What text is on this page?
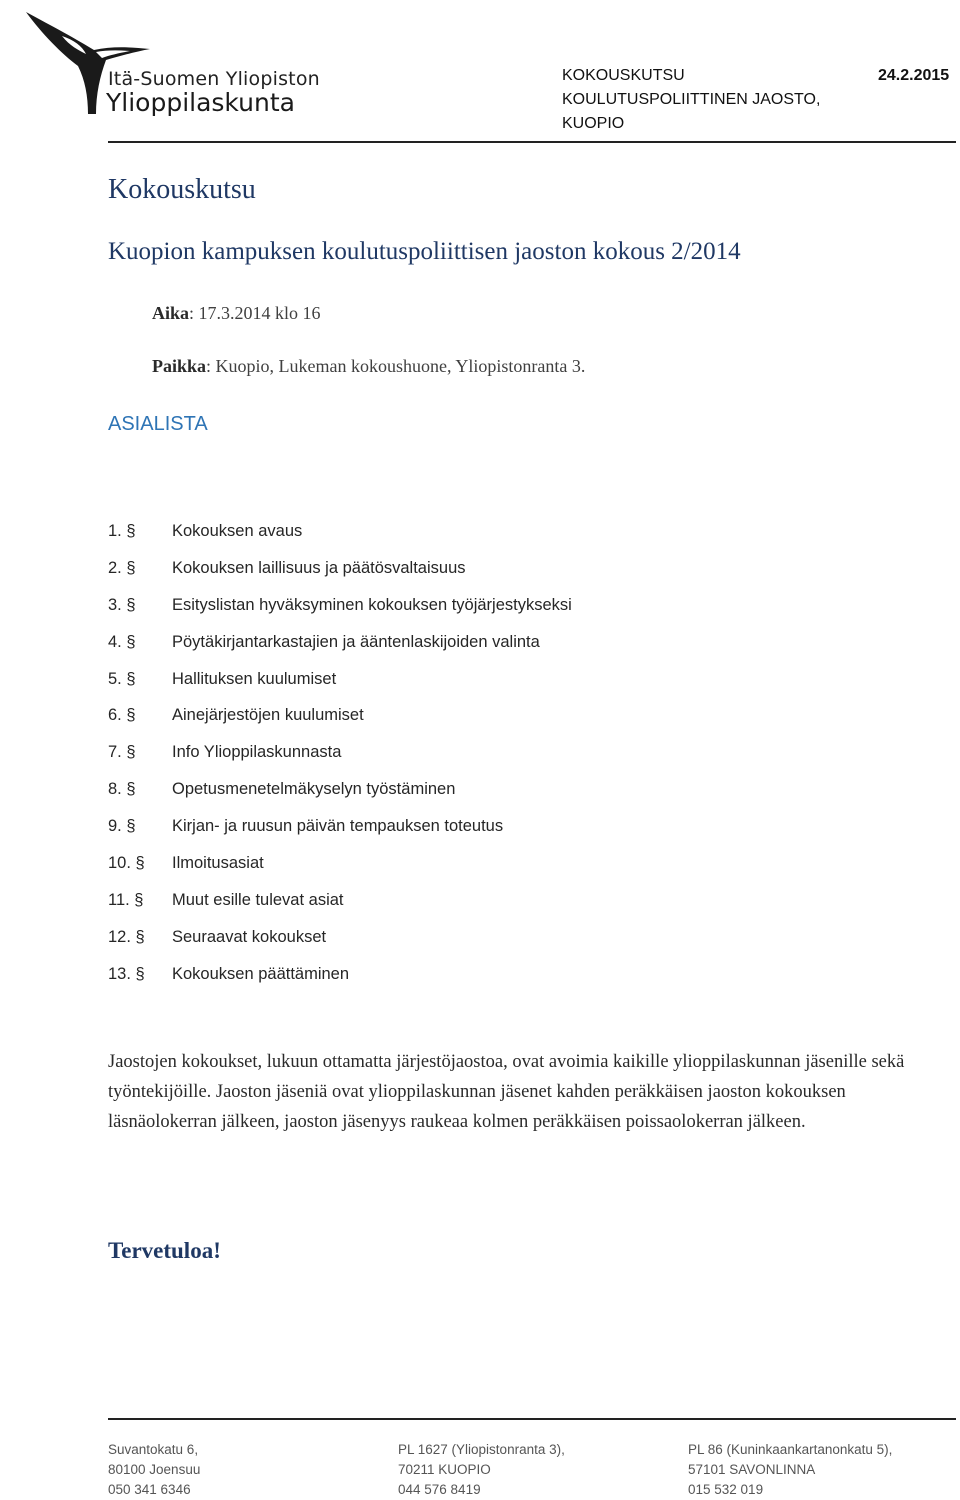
Itä-Suomen Yliopiston
Ylioppilaskunta
KOKOUSKUTSU
KOULUTUSPOLIITTINEN JAOSTO,
KUOPIO
24.2.2015
Kokouskutsu
Kuopion kampuksen koulutuspoliittisen jaoston kokous 2/2014
Aika: 17.3.2014 klo 16
Paikka: Kuopio, Lukeman kokoushuone, Yliopistonranta 3.
ASIALISTA
1. § Kokouksen avaus
2. § Kokouksen laillisuus ja päätösvaltaisuus
3. § Esityslistan hyväksyminen kokouksen työjärjestykseksi
4. § Pöytäkirjantarkastajien ja ääntenlaskijoiden valinta
5. § Hallituksen kuulumiset
6. § Ainejärjestöjen kuulumiset
7. § Info Ylioppilaskunnasta
8. § Opetusmenetelmäkyselyn työstäminen
9. § Kirjan- ja ruusun päivän tempauksen toteutus
10. § Ilmoitusasiat
11. § Muut esille tulevat asiat
12. § Seuraavat kokoukset
13. § Kokouksen päättäminen

Jaostojen kokoukset, lukuun ottamatta järjestöjaostoa, ovat avoimia kaikille ylioppilaskunnan jäsenille sekä työntekijöille. Jaoston jäseniä ovat ylioppilaskunnan jäsenet kahden peräkkäisen jaoston kokouksen läsnäolokerran jälkeen, jaoston jäsenyys raukeaa kolmen peräkkäisen poissaolokerran jälkeen.

Tervetuloa!
Suvantokatu 6,
80100 Joensuu
050 341 6346
PL 1627 (Yliopistonranta 3),
70211 KUOPIO
044 576 8419
PL 86 (Kuninkaankartanonkatu 5),
57101 SAVONLINNA
015 532 019
